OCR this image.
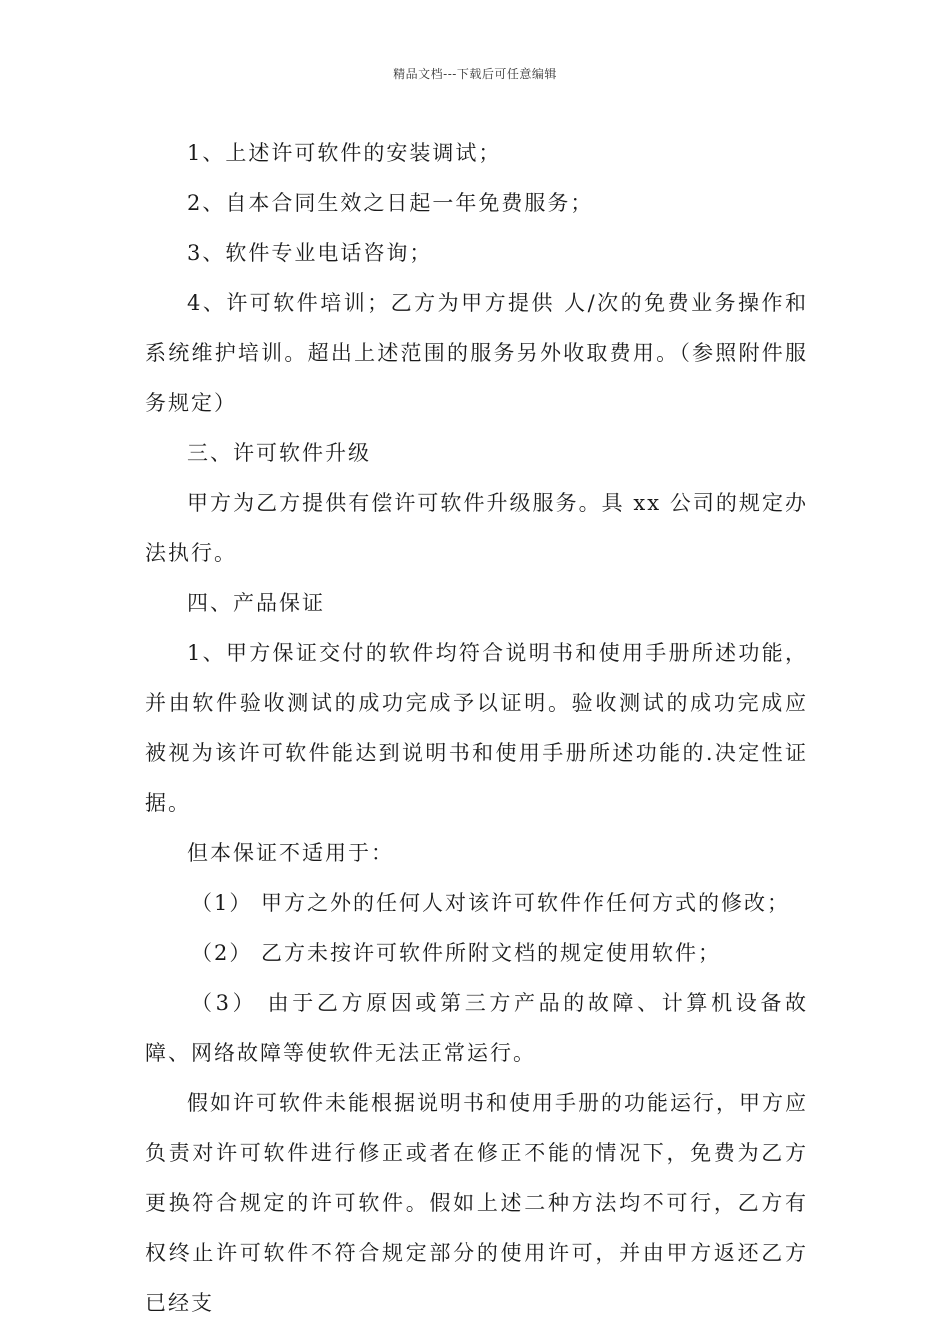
精品文档---下载后可任意编辑

1、上述许可软件的安装调试；

2、自本合同生效之日起一年免费服务；

3、软件专业电话咨询；

4、许可软件培训；乙方为甲方提供 人/次的免费业务操作和系统维护培训。超出上述范围的服务另外收取费用。（参照附件服务规定）

三、许可软件升级

甲方为乙方提供有偿许可软件升级服务。具 xx 公司的规定办法执行。

四、产品保证

1、甲方保证交付的软件均符合说明书和使用手册所述功能，并由软件验收测试的成功完成予以证明。验收测试的成功完成应被视为该许可软件能达到说明书和使用手册所述功能的.决定性证据。

但本保证不适用于：

（1） 甲方之外的任何人对该许可软件作任何方式的修改；

（2） 乙方未按许可软件所附文档的规定使用软件；

（3） 由于乙方原因或第三方产品的故障、计算机设备故障、网络故障等使软件无法正常运行。

假如许可软件未能根据说明书和使用手册的功能运行，甲方应负责对许可软件进行修正或者在修正不能的情况下，免费为乙方更换符合规定的许可软件。假如上述二种方法均不可行，乙方有权终止许可软件不符合规定部分的使用许可，并由甲方返还乙方已经支
